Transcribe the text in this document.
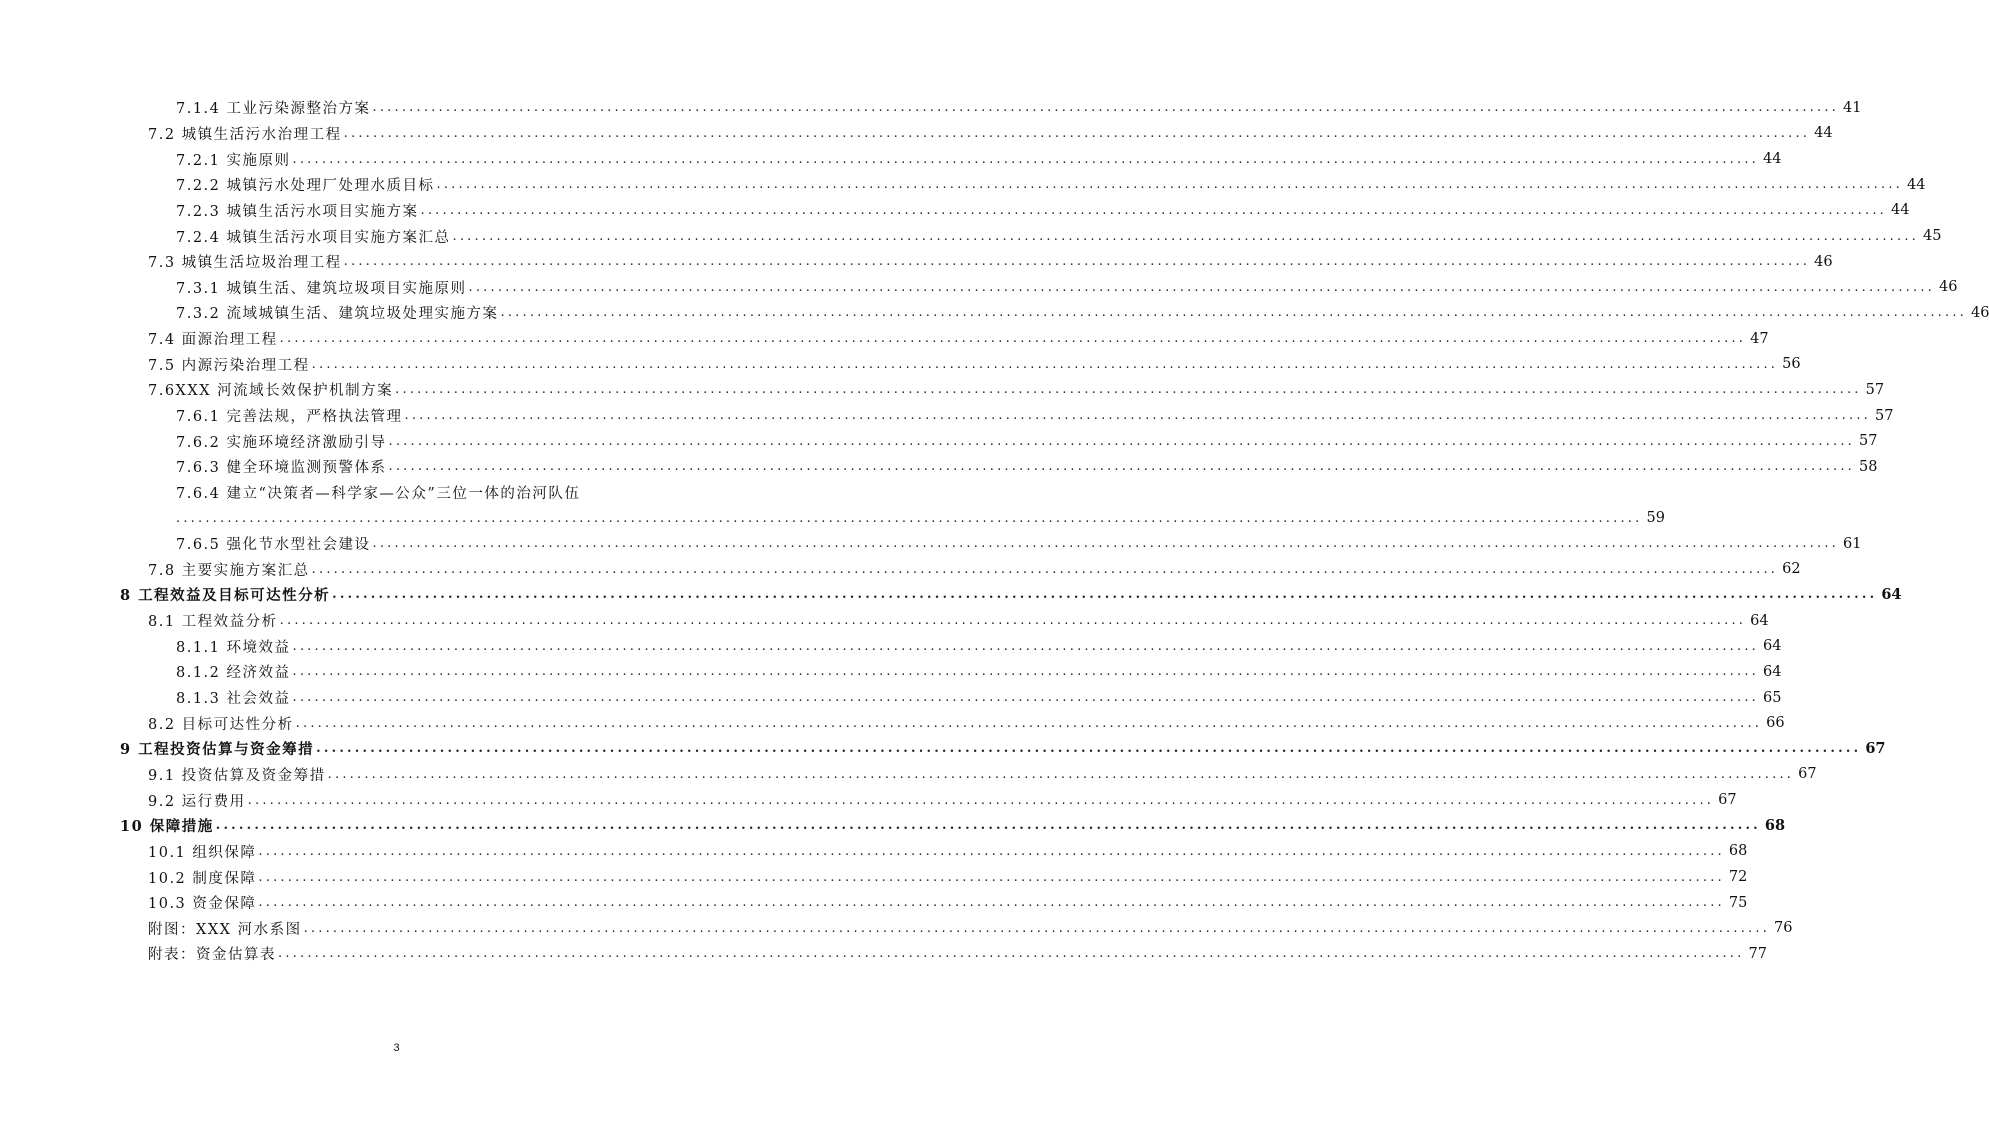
7.1.4 工业污染源整治方案 ........................................................................................................................................................................................................ 41
7.2 城镇生活污水治理工程 ........................................................................................................................................................................................................ 44
7.2.1 实施原则 ........................................................................................................................................................................................................ 44
7.2.2 城镇污水处理厂处理水质目标 ........................................................................................................................................................................................................ 44
7.2.3 城镇生活污水项目实施方案 ........................................................................................................................................................................................................ 44
7.2.4 城镇生活污水项目实施方案汇总 ........................................................................................................................................................................................................ 45
7.3 城镇生活垃圾治理工程 ........................................................................................................................................................................................................ 46
7.3.1 城镇生活、建筑垃圾项目实施原则 ........................................................................................................................................................................................................ 46
7.3.2 流域城镇生活、建筑垃圾处理实施方案 ........................................................................................................................................................................................................ 46
7.4 面源治理工程 ........................................................................................................................................................................................................ 47
7.5 内源污染治理工程 ........................................................................................................................................................................................................ 56
7.6XXX 河流域长效保护机制方案 ........................................................................................................................................................................................................ 57
7.6.1 完善法规，严格执法管理 ........................................................................................................................................................................................................ 57
7.6.2 实施环境经济激励引导 ........................................................................................................................................................................................................ 57
7.6.3 健全环境监测预警体系 ........................................................................................................................................................................................................ 58
7.6.4 建立“决策者—科学家—公众”三位一体的治河队伍
........................................................................................................................................................................................................ 59
7.6.5 强化节水型社会建设 ........................................................................................................................................................................................................ 61
7.8 主要实施方案汇总 ........................................................................................................................................................................................................ 62
8 工程效益及目标可达性分析 ........................................................................................................................................................................................................ 64
8.1 工程效益分析 ........................................................................................................................................................................................................ 64
8.1.1 环境效益 ........................................................................................................................................................................................................ 64
8.1.2 经济效益 ........................................................................................................................................................................................................ 64
8.1.3 社会效益 ........................................................................................................................................................................................................ 65
8.2 目标可达性分析 ........................................................................................................................................................................................................ 66
9 工程投资估算与资金筹措 ........................................................................................................................................................................................................ 67
9.1 投资估算及资金筹措 ........................................................................................................................................................................................................ 67
9.2 运行费用 ........................................................................................................................................................................................................ 67
10 保障措施 ........................................................................................................................................................................................................ 68
10.1 组织保障 ........................................................................................................................................................................................................ 68
10.2 制度保障 ........................................................................................................................................................................................................ 72
10.3 资金保障 ........................................................................................................................................................................................................ 75
附图：XXX 河水系图 ........................................................................................................................................................................................................ 76
附表：资金估算表 ........................................................................................................................................................................................................ 77
3
